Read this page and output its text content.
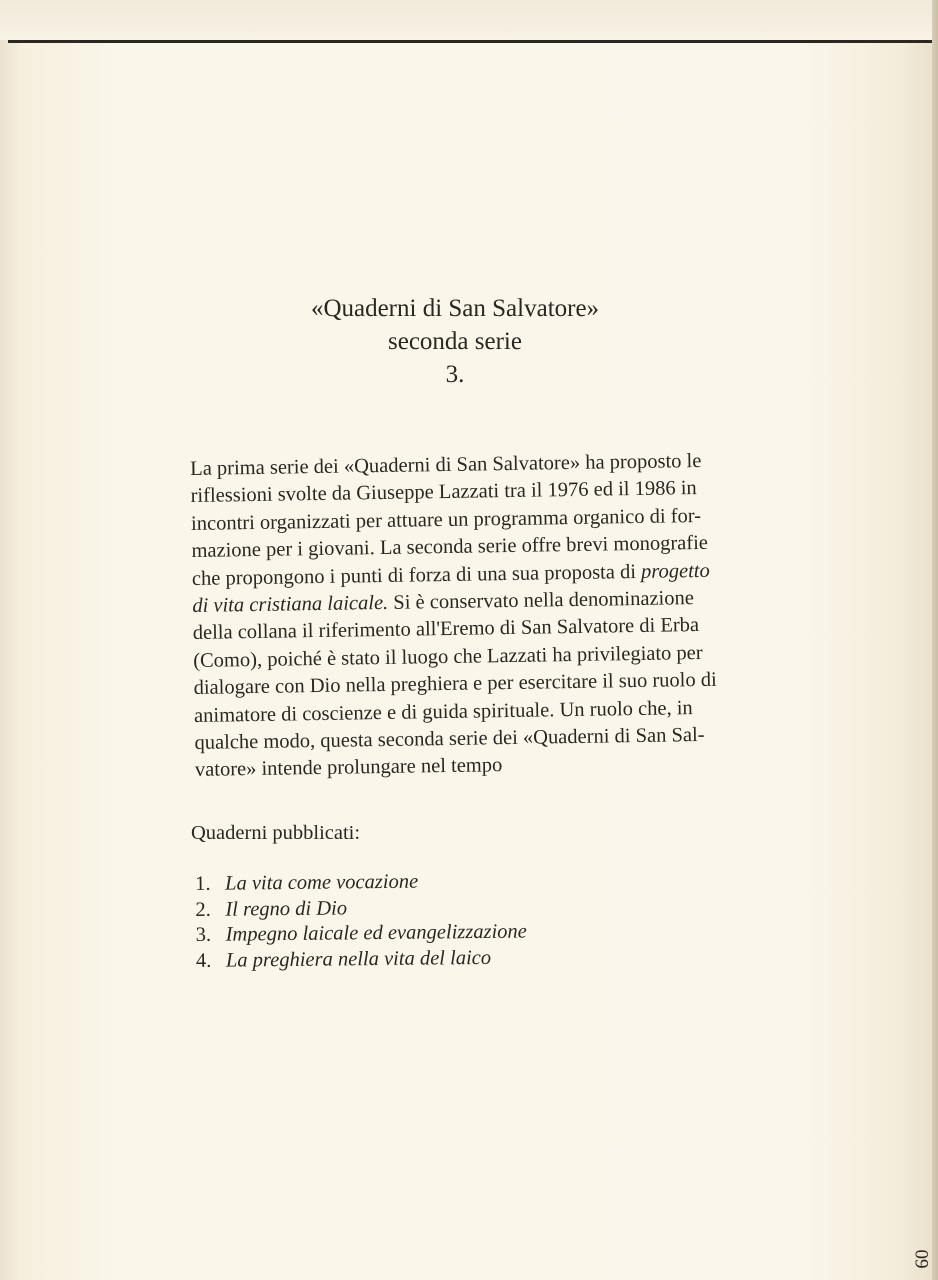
«Quaderni di San Salvatore»
seconda serie
3.
La prima serie dei «Quaderni di San Salvatore» ha proposto le
riflessioni svolte da Giuseppe Lazzati tra il 1976 ed il 1986 in
incontri organizzati per attuare un programma organico di for-
mazione per i giovani. La seconda serie offre brevi monografie
che propongono i punti di forza di una sua proposta di progetto
di vita cristiana laicale. Si è conservato nella denominazione
della collana il riferimento all'Eremo di San Salvatore di Erba
(Como), poiché è stato il luogo che Lazzati ha privilegiato per
dialogare con Dio nella preghiera e per esercitare il suo ruolo di
animatore di coscienze e di guida spirituale. Un ruolo che, in
qualche modo, questa seconda serie dei «Quaderni di San Sal-
vatore» intende prolungare nel tempo
Quaderni pubblicati:
1. La vita come vocazione
2. Il regno di Dio
3. Impegno laicale ed evangelizzazione
4. La preghiera nella vita del laico
09
